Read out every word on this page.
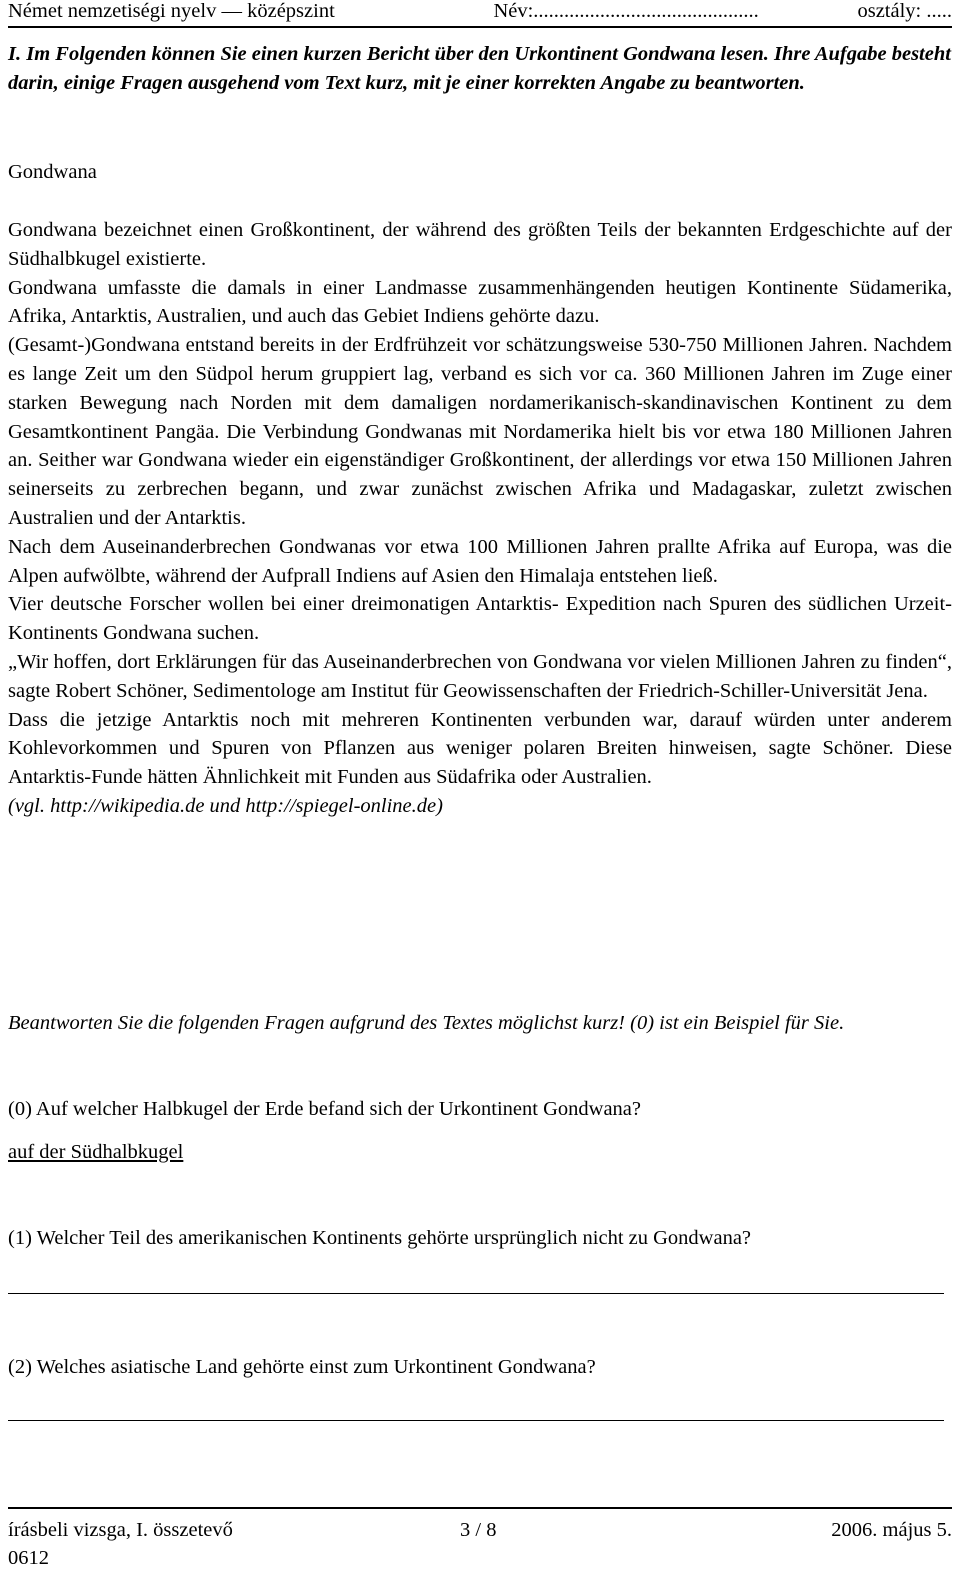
Német nemzetiségi nyelv — középszint	Név:............................................	osztály: .....
I. Im Folgenden können Sie einen kurzen Bericht über den Urkontinent Gondwana lesen. Ihre Aufgabe besteht darin, einige Fragen ausgehend vom Text kurz, mit je einer korrekten Angabe zu beantworten.
Gondwana

Gondwana bezeichnet einen Großkontinent, der während des größten Teils der bekannten Erdgeschichte auf der Südhalbkugel existierte.

Gondwana umfasste die damals in einer Landmasse zusammenhängenden heutigen Kontinente Südamerika, Afrika, Antarktis, Australien, und auch das Gebiet Indiens gehörte dazu.

(Gesamt-)Gondwana entstand bereits in der Erdfrühzeit vor schätzungsweise 530-750 Millionen Jahren. Nachdem es lange Zeit um den Südpol herum gruppiert lag, verband es sich vor ca. 360 Millionen Jahren im Zuge einer starken Bewegung nach Norden mit dem damaligen nordamerikanisch-skandinavischen Kontinent zu dem Gesamtkontinent Pangäa. Die Verbindung Gondwanas mit Nordamerika hielt bis vor etwa 180 Millionen Jahren an. Seither war Gondwana wieder ein eigenständiger Großkontinent, der allerdings vor etwa 150 Millionen Jahren seinerseits zu zerbrechen begann, und zwar zunächst zwischen Afrika und Madagaskar, zuletzt zwischen Australien und der Antarktis.

Nach dem Auseinanderbrechen Gondwanas vor etwa 100 Millionen Jahren prallte Afrika auf Europa, was die Alpen aufwölbte, während der Aufprall Indiens auf Asien den Himalaja entstehen ließ.

Vier deutsche Forscher wollen bei einer dreimonatigen Antarktis- Expedition nach Spuren des südlichen Urzeit-Kontinents Gondwana suchen.

„Wir hoffen, dort Erklärungen für das Auseinanderbrechen von Gondwana vor vielen Millionen Jahren zu finden“, sagte Robert Schöner, Sedimentologe am Institut für Geowissenschaften der Friedrich-Schiller-Universität Jena.

Dass die jetzige Antarktis noch mit mehreren Kontinenten verbunden war, darauf würden unter anderem Kohlevorkommen und Spuren von Pflanzen aus weniger polaren Breiten hinweisen, sagte Schöner. Diese Antarktis-Funde hätten Ähnlichkeit mit Funden aus Südafrika oder Australien.

(vgl. http://wikipedia.de und http://spiegel-online.de)

Beantworten Sie die folgenden Fragen aufgrund des Textes möglichst kurz! (0) ist ein Beispiel für Sie.
(0) Auf welcher Halbkugel der Erde befand sich der Urkontinent Gondwana?
auf der Südhalbkugel
(1) Welcher Teil des amerikanischen Kontinents gehörte ursprünglich nicht zu Gondwana?
(2) Welches asiatische Land gehörte einst zum Urkontinent Gondwana?
írásbeli vizsga, I. összetevő	3 / 8	2006. május 5.
0612
